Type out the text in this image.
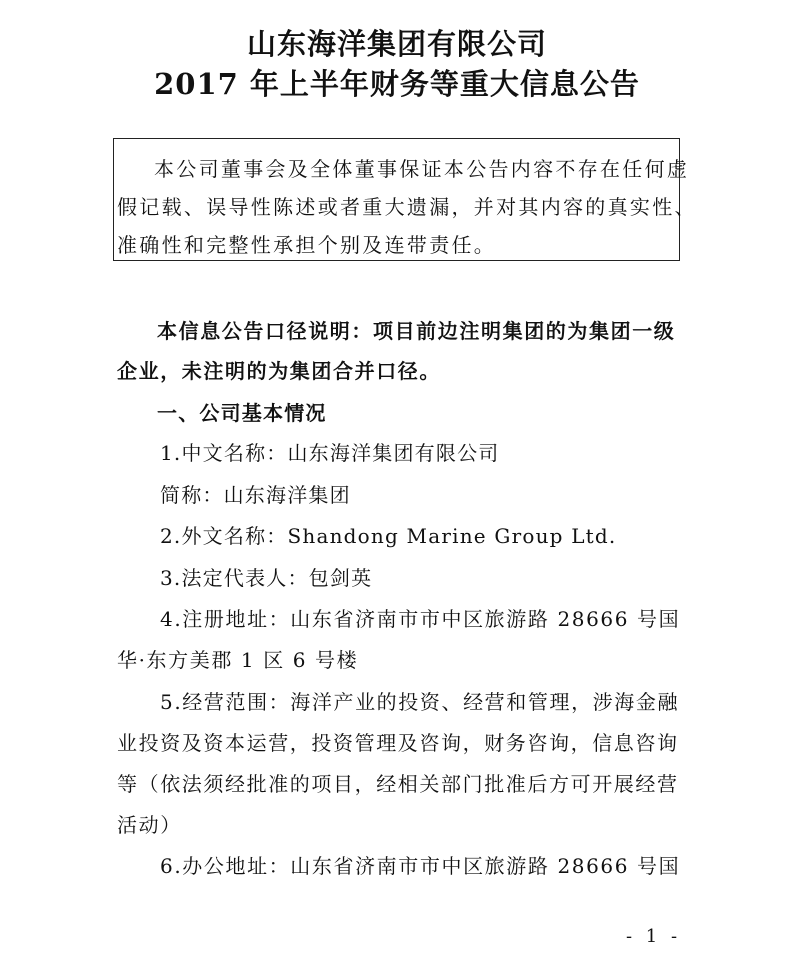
山东海洋集团有限公司
2017 年上半年财务等重大信息公告
本公司董事会及全体董事保证本公告内容不存在任何虚
假记载、误导性陈述或者重大遗漏，并对其内容的真实性、
准确性和完整性承担个别及连带责任。
本信息公告口径说明：项目前边注明集团的为集团一级
企业，未注明的为集团合并口径。
一、公司基本情况
1.中文名称：山东海洋集团有限公司
简称：山东海洋集团
2.外文名称：Shandong Marine Group Ltd.
3.法定代表人：包剑英
4.注册地址：山东省济南市市中区旅游路 28666 号国
华·东方美郡 1 区 6 号楼
5.经营范围：海洋产业的投资、经营和管理，涉海金融
业投资及资本运营，投资管理及咨询，财务咨询，信息咨询
等（依法须经批准的项目，经相关部门批准后方可开展经营
活动）
6.办公地址：山东省济南市市中区旅游路 28666 号国
- 1 -
